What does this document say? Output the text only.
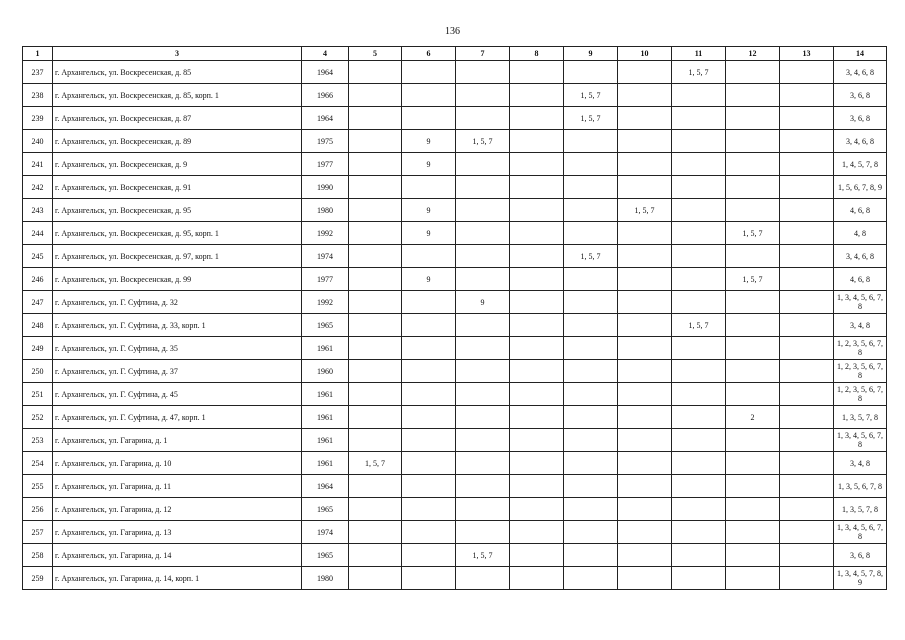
136
1	3	4	5	6	7	8	9	10	11	12	13	14
237	г. Архангельск, ул. Воскресенская, д. 85	1964							1, 5, 7			3, 4, 6, 8
238	г. Архангельск, ул. Воскресенская, д. 85, корп. 1	1966					1, 5, 7					3, 6, 8
239	г. Архангельск, ул. Воскресенская, д. 87	1964					1, 5, 7					3, 6, 8
240	г. Архангельск, ул. Воскресенская, д. 89	1975		9	1, 5, 7							3, 4, 6, 8
241	г. Архангельск, ул. Воскресенская, д. 9	1977		9								1, 4, 5, 7, 8
242	г. Архангельск, ул. Воскресенская, д. 91	1990										1, 5, 6, 7, 8, 9
243	г. Архангельск, ул. Воскресенская, д. 95	1980		9				1, 5, 7				4, 6, 8
244	г. Архангельск, ул. Воскресенская, д. 95, корп. 1	1992		9						1, 5, 7		4, 8
245	г. Архангельск, ул. Воскресенская, д. 97, корп. 1	1974					1, 5, 7					3, 4, 6, 8
246	г. Архангельск, ул. Воскресенская, д. 99	1977		9						1, 5, 7		4, 6, 8
247	г. Архангельск, ул. Г. Суфтина, д. 32	1992			9							1, 3, 4, 5, 6, 7, 8
248	г. Архангельск, ул. Г. Суфтина, д. 33, корп. 1	1965							1, 5, 7			3, 4, 8
249	г. Архангельск, ул. Г. Суфтина, д. 35	1961										1, 2, 3, 5, 6, 7, 8
250	г. Архангельск, ул. Г. Суфтина, д. 37	1960										1, 2, 3, 5, 6, 7, 8
251	г. Архангельск, ул. Г. Суфтина, д. 45	1961										1, 2, 3, 5, 6, 7, 8
252	г. Архангельск, ул. Г. Суфтина, д. 47, корп. 1	1961								2		1, 3, 5, 7, 8
253	г. Архангельск, ул. Гагарина, д. 1	1961										1, 3, 4, 5, 6, 7, 8
254	г. Архангельск, ул. Гагарина, д. 10	1961	1, 5, 7									3, 4, 8
255	г. Архангельск, ул. Гагарина, д. 11	1964										1, 3, 5, 6, 7, 8
256	г. Архангельск, ул. Гагарина, д. 12	1965										1, 3, 5, 7, 8
257	г. Архангельск, ул. Гагарина, д. 13	1974										1, 3, 4, 5, 6, 7, 8
258	г. Архангельск, ул. Гагарина, д. 14	1965			1, 5, 7							3, 6, 8
259	г. Архангельск, ул. Гагарина, д. 14, корп. 1	1980										1, 3, 4, 5, 7, 8, 9
